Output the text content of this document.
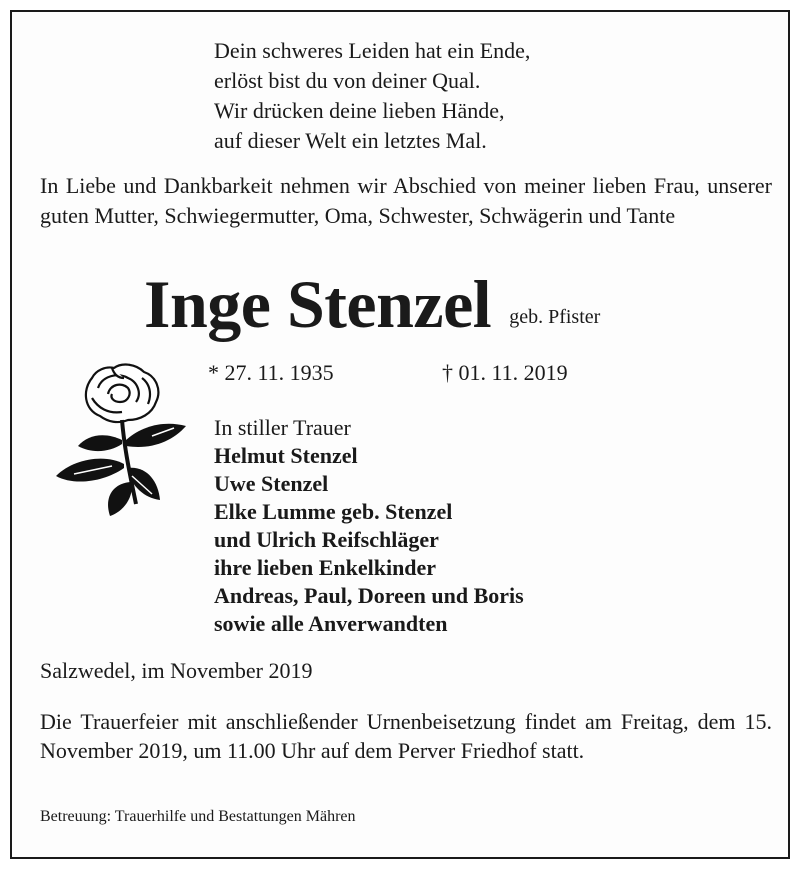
Dein schweres Leiden hat ein Ende,
erlöst bist du von deiner Qual.
Wir drücken deine lieben Hände,
auf dieser Welt ein letztes Mal.
In Liebe und Dankbarkeit nehmen wir Abschied von meiner lieben Frau, unserer guten Mutter, Schwiegermutter, Oma, Schwester, Schwägerin und Tante
Inge Stenzel geb. Pfister
* 27. 11. 1935	† 01. 11. 2019
In stiller Trauer
Helmut Stenzel
Uwe Stenzel
Elke Lumme geb. Stenzel
und Ulrich Reifschläger
ihre lieben Enkelkinder
Andreas, Paul, Doreen und Boris
sowie alle Anverwandten
Salzwedel, im November 2019
Die Trauerfeier mit anschließender Urnenbeisetzung findet am Freitag, dem 15. November 2019, um 11.00 Uhr auf dem Perver Friedhof statt.
Betreuung: Trauerhilfe und Bestattungen Mähren
